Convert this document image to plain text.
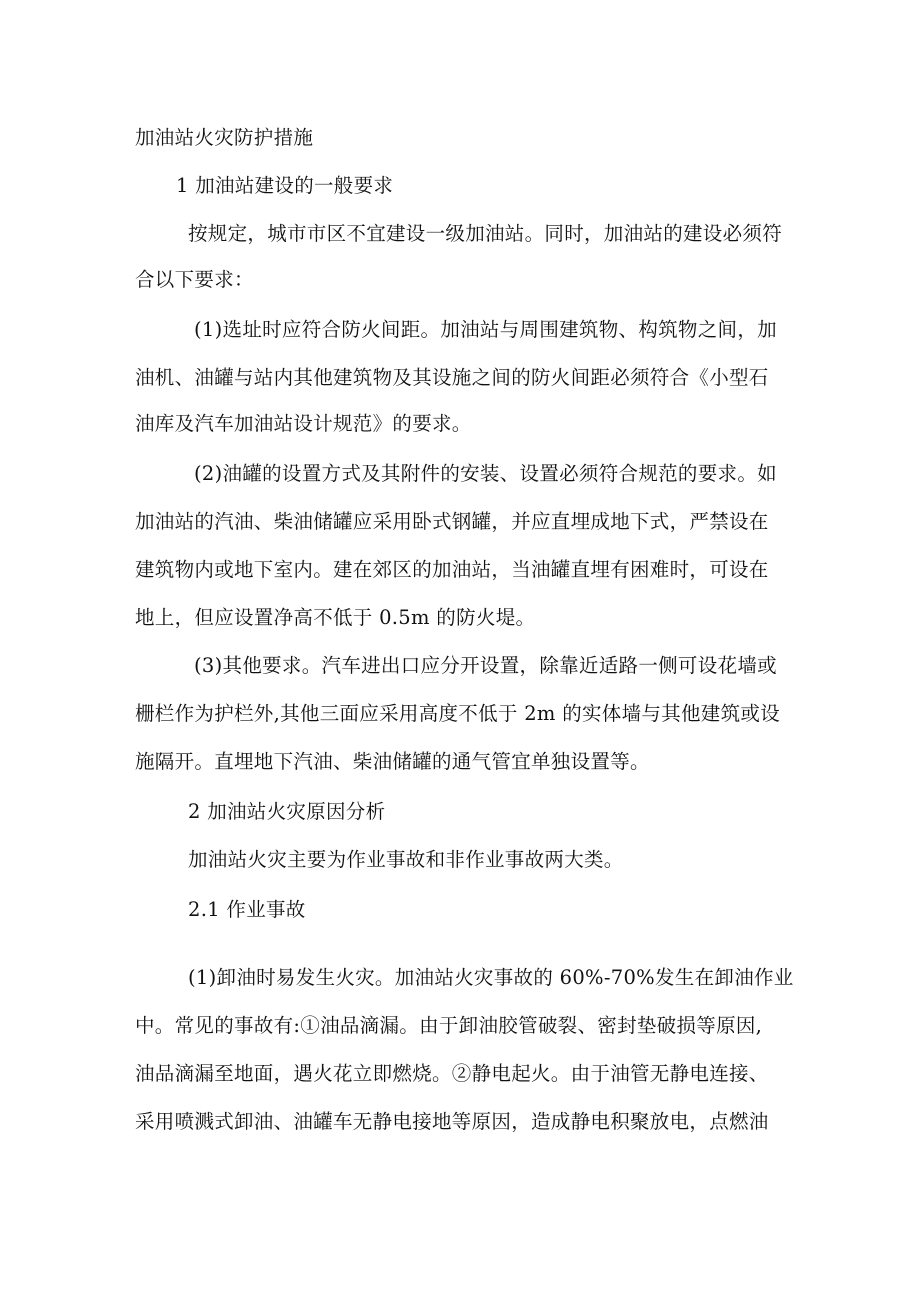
加油站火灾防护措施
1 加油站建设的一般要求
按规定，城市市区不宜建设一级加油站。同时，加油站的建设必须符
合以下要求：
(1)选址时应符合防火间距。加油站与周围建筑物、构筑物之间，加
油机、油罐与站内其他建筑物及其设施之间的防火间距必须符合《小型石
油库及汽车加油站设计规范》的要求。
(2)油罐的设置方式及其附件的安装、设置必须符合规范的要求。如
加油站的汽油、柴油储罐应采用卧式钢罐，并应直埋成地下式，严禁设在
建筑物内或地下室内。建在郊区的加油站，当油罐直埋有困难时，可设在
地上，但应设置净高不低于 0.5m 的防火堤。
(3)其他要求。汽车进出口应分开设置，除靠近适路一侧可设花墙或
栅栏作为护栏外,其他三面应采用高度不低于 2m 的实体墙与其他建筑或设
施隔开。直埋地下汽油、柴油储罐的通气管宜单独设置等。
2 加油站火灾原因分析
加油站火灾主要为作业事故和非作业事故两大类。
2.1 作业事故
(1)卸油时易发生火灾。加油站火灾事故的 60%-70%发生在卸油作业
中。常见的事故有:①油品滴漏。由于卸油胶管破裂、密封垫破损等原因,
油品滴漏至地面，遇火花立即燃烧。②静电起火。由于油管无静电连接、
采用喷溅式卸油、油罐车无静电接地等原因，造成静电积聚放电，点燃油
